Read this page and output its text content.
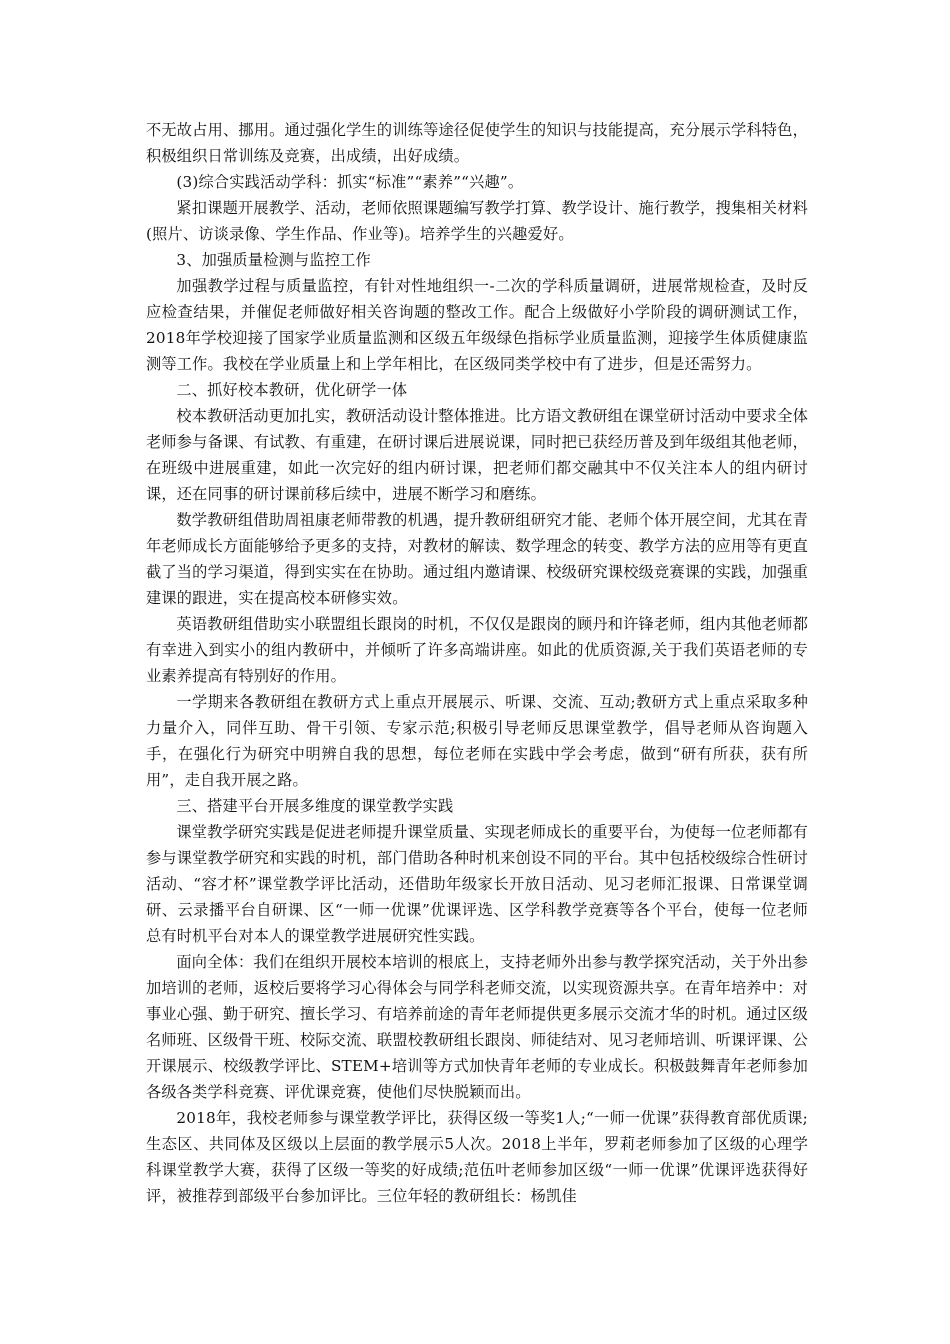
不无故占用、挪用。通过强化学生的训练等途径促使学生的知识与技能提高，充分展示学科特色，积极组织日常训练及竞赛，出成绩，出好成绩。

(3)综合实践活动学科：抓实“标准”“素养”“兴趣”。

紧扣课题开展教学、活动，老师依照课题编写教学打算、教学设计、施行教学，搜集相关材料(照片、访谈录像、学生作品、作业等)。培养学生的兴趣爱好。

3、加强质量检测与监控工作

加强教学过程与质量监控，有针对性地组织一-二次的学科质量调研，进展常规检查，及时反应检查结果，并催促老师做好相关咨询题的整改工作。配合上级做好小学阶段的调研测试工作，2018年学校迎接了国家学业质量监测和区级五年级绿色指标学业质量监测，迎接学生体质健康监测等工作。我校在学业质量上和上学年相比，在区级同类学校中有了进步，但是还需努力。

二、抓好校本教研，优化研学一体

校本教研活动更加扎实，教研活动设计整体推进。比方语文教研组在课堂研讨活动中要求全体老师参与备课、有试教、有重建，在研讨课后进展说课，同时把已获经历普及到年级组其他老师，在班级中进展重建，如此一次完好的组内研讨课，把老师们都交融其中不仅关注本人的组内研讨课，还在同事的研讨课前移后续中，进展不断学习和磨练。

数学教研组借助周祖康老师带教的机遇，提升教研组研究才能、老师个体开展空间，尤其在青年老师成长方面能够给予更多的支持，对教材的解读、数学理念的转变、教学方法的应用等有更直截了当的学习渠道，得到实实在在协助。通过组内邀请课、校级研究课校级竞赛课的实践，加强重建课的跟进，实在提高校本研修实效。

英语教研组借助实小联盟组长跟岗的时机，不仅仅是跟岗的顾丹和许锋老师，组内其他老师都有幸进入到实小的组内教研中，并倾听了许多高端讲座。如此的优质资源,关于我们英语老师的专业素养提高有特别好的作用。

一学期来各教研组在教研方式上重点开展展示、听课、交流、互动;教研方式上重点采取多种力量介入，同伴互助、骨干引领、专家示范;积极引导老师反思课堂教学，倡导老师从咨询题入手，在强化行为研究中明辨自我的思想，每位老师在实践中学会考虑，做到“研有所获，获有所用”，走自我开展之路。

三、搭建平台开展多维度的课堂教学实践

课堂教学研究实践是促进老师提升课堂质量、实现老师成长的重要平台，为使每一位老师都有参与课堂教学研究和实践的时机，部门借助各种时机来创设不同的平台。其中包括校级综合性研讨活动、“容才杯”课堂教学评比活动，还借助年级家长开放日活动、见习老师汇报课、日常课堂调研、云录播平台自研课、区“一师一优课”优课评选、区学科教学竞赛等各个平台，使每一位老师总有时机平台对本人的课堂教学进展研究性实践。

面向全体：我们在组织开展校本培训的根底上，支持老师外出参与教学探究活动，关于外出参加培训的老师，返校后要将学习心得体会与同学科老师交流，以实现资源共享。在青年培养中：对事业心强、勤于研究、擅长学习、有培养前途的青年老师提供更多展示交流才华的时机。通过区级名师班、区级骨干班、校际交流、联盟校教研组长跟岗、师徒结对、见习老师培训、听课评课、公开课展示、校级教学评比、STEM+培训等方式加快青年老师的专业成长。积极鼓舞青年老师参加各级各类学科竞赛、评优课竞赛，使他们尽快脱颖而出。

2018年，我校老师参与课堂教学评比，获得区级一等奖1人;“一师一优课”获得教育部优质课;生态区、共同体及区级以上层面的教学展示5人次。2018上半年，罗莉老师参加了区级的心理学科课堂教学大赛，获得了区级一等奖的好成绩;范伍叶老师参加区级“一师一优课”优课评选获得好评，被推荐到部级平台参加评比。三位年轻的教研组长：杨凯佳
